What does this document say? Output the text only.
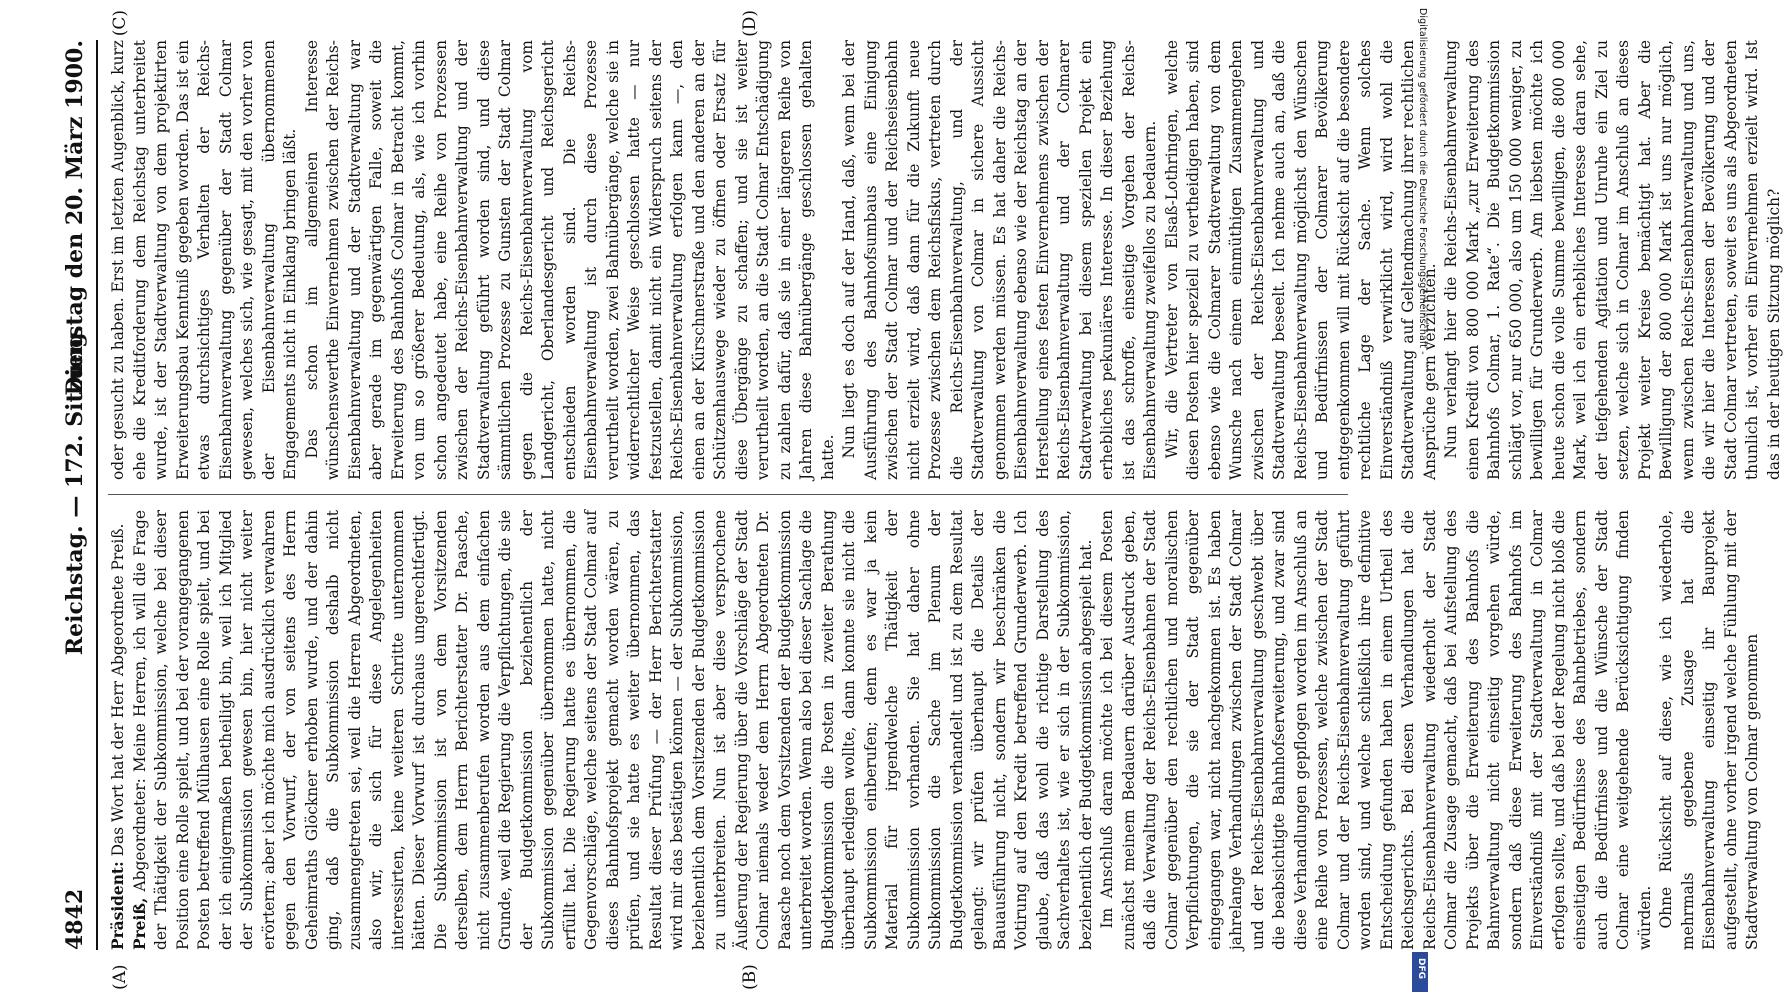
4842
Reichstag. — 172. Sitzung.
Dienstag den 20. März 1900.

Präsident: Das Wort hat der Herr Abgeordnete Preiß.

Preiß, Abgeordneter: Meine Herren, ich will die Frage der Thätigkeit der Subkommission, welche bei dieser Position eine Rolle spielt, und bei der vorangegangenen Posten betreffend Mülhausen eine Rolle spielt, und bei der ich einigermaßen betheiligt bin, weil ich Mitglied der Subkommission gewesen bin, hier nicht weiter erörtern; aber ich möchte mich ausdrücklich verwahren gegen den Vorwurf, der von seitens des Herrn Geheimraths Glöckner erhoben wurde, und der dahin ging, daß die Subkommission deshalb nicht zusammengetreten sei, weil die Herren Abgeordneten, also wir, die sich für diese Angelegenheiten interessirten, keine weiteren Schritte unternommen hätten. Dieser Vorwurf ist durchaus ungerechtfertigt. Die Subkommission ist von dem Vorsitzenden derselben, dem Herrn Berichterstatter Dr. Paasche, nicht zusammenberufen worden aus dem einfachen Grunde, weil die Regierung die Verpflichtungen, die sie der Budgetkommission beziehentlich der Subkommission gegenüber übernommen hatte, nicht erfüllt hat. Die Regierung hatte es übernommen, die Gegenvorschläge, welche seitens der Stadt Colmar auf dieses Bahnhofsprojekt gemacht worden wären, zu prüfen, und sie hatte es weiter übernommen, das Resultat dieser Prüfung — der Herr Berichterstatter wird mir das bestätigen können — der Subkommission, beziehentlich dem Vorsitzenden der Budgetkommission zu unterbreiten. Nun ist aber diese versprochene Äußerung der Regierung über die Vorschläge der Stadt Colmar niemals weder dem Herrn Abgeordneten Dr. Paasche noch dem Vorsitzenden der Budgetkommission unterbreitet worden. Wenn also bei dieser Sachlage die Budgetkommission die Posten in zweiter Berathung überhaupt erledigen wollte, dann konnte sie nicht die Subkommission einberufen; denn es war ja kein Material für irgendwelche Thätigkeit der Subkommission vorhanden. Sie hat daher ohne Subkommission die Sache im Plenum der Budgetkommission verhandelt und ist zu dem Resultat gelangt: wir prüfen überhaupt die Details der Bauausführung nicht, sondern wir beschränken die Votirung auf den Kredit betreffend Grunderwerb. Ich glaube, daß das wohl die richtige Darstellung des Sachverhaltes ist, wie er sich in der Subkommission, beziehentlich der Budgetkommission abgespielt hat. Im Anschluß daran möchte ich bei diesem Posten zunächst meinem Bedauern darüber Ausdruck geben, daß die Verwaltung der Reichs-Eisenbahnen der Stadt Colmar gegenüber den rechtlichen und moralischen Verpflichtungen, die sie der Stadt gegenüber eingegangen war, nicht nachgekommen ist. Es haben jahrelange Verhandlungen zwischen der Stadt Colmar und der Reichs-Eisenbahnverwaltung geschwebt über die beabsichtigte Bahnhofserweiterung, und zwar sind diese Verhandlungen gepflogen worden im Anschluß an eine Reihe von Prozessen, welche zwischen der Stadt Colmar und der Reichs-Eisenbahnverwaltung geführt worden sind, und welche schließlich ihre definitive Entscheidung gefunden haben in einem Urtheil des Reichsgerichts. Bei diesen Verhandlungen hat die Reichs-Eisenbahnverwaltung wiederholt der Stadt Colmar die Zusage gemacht, daß bei Aufstellung des Projekts über die Erweiterung des Bahnhofs die Bahnverwaltung nicht einseitig vorgehen würde, sondern daß diese Erweiterung des Bahnhofs im Einverständniß mit der Stadtverwaltung in Colmar erfolgen sollte, und daß bei der Regelung nicht bloß die einseitigen Bedürfnisse des Bahnbetriebes, sondern auch die Bedürfnisse und die Wünsche der Stadt Colmar eine weitgehende Berücksichtigung finden würden. Ohne Rücksicht auf diese, wie ich wiederhole, mehrmals gegebene Zusage hat die Eisenbahnverwaltung einseitig ihr Bauprojekt aufgestellt, ohne vorher irgend welche Fühlung mit der Stadtverwaltung von Colmar genommen

oder gesucht zu haben. Erst im letzten Augenblick, kurz ehe die Kreditforderung dem Reichstag unterbreitet wurde, ist der Stadtverwaltung von dem projektirten Erweiterungsbau Kenntniß gegeben worden. Das ist ein etwas durchsichtiges Verhalten der Reichs-Eisenbahnverwaltung gegenüber der Stadt Colmar gewesen, welches sich, wie gesagt, mit den vorher von der Eisenbahnverwaltung übernommenen Engagements nicht in Einklang bringen läßt. Das schon im allgemeinen Interesse wünschenswerthe Einvernehmen zwischen der Reichs-Eisenbahnverwaltung und der Stadtverwaltung war aber gerade im gegenwärtigen Falle, soweit die Erweiterung des Bahnhofs Colmar in Betracht kommt, von um so größerer Bedeutung, als, wie ich vorhin schon angedeutet habe, eine Reihe von Prozessen zwischen der Reichs-Eisenbahnverwaltung und der Stadtverwaltung geführt worden sind, und diese sämmtlichen Prozesse zu Gunsten der Stadt Colmar gegen die Reichs-Eisenbahnverwaltung vom Landgericht, Oberlandesgericht und Reichsgericht entschieden worden sind. Die Reichs-Eisenbahnverwaltung ist durch diese Prozesse verurtheilt worden, zwei Bahnübergänge, welche sie in widerrechtlicher Weise geschlossen hatte — nur festzustellen, damit nicht ein Widerspruch seitens der Reichs-Eisenbahnverwaltung erfolgen kann —, den einen an der Kürschnerstraße und den anderen an der Schützenhauswege wieder zu öffnen oder Ersatz für diese Übergänge zu schaffen; und sie ist weiter verurtheilt worden, an die Stadt Colmar Entschädigung zu zahlen dafür, daß sie in einer längeren Reihe von Jahren diese Bahnübergänge geschlossen gehalten hatte. Nun liegt es doch auf der Hand, daß, wenn bei der Ausführung des Bahnhofsumbaus eine Einigung zwischen der Stadt Colmar und der Reichseisenbahn nicht erzielt wird, daß dann für die Zukunft neue Prozesse zwischen dem Reichsfiskus, vertreten durch die Reichs-Eisenbahnverwaltung, und der Stadtverwaltung von Colmar in sichere Aussicht genommen werden müssen. Es hat daher die Reichs-Eisenbahnverwaltung ebenso wie der Reichstag an der Herstellung eines festen Einvernehmens zwischen der Reichs-Eisenbahnverwaltung und der Colmarer Stadtverwaltung bei diesem speziellen Projekt ein erhebliches pekuniäres Interesse. In dieser Beziehung ist das schroffe, einseitige Vorgehen der Reichs-Eisenbahnverwaltung zweifellos zu bedauern. Wir, die Vertreter von Elsaß-Lothringen, welche diesen Posten hier speziell zu vertheidigen haben, sind ebenso wie die Colmarer Stadtverwaltung von dem Wunsche nach einem einmüthigen Zusammengehen zwischen der Reichs-Eisenbahnverwaltung und Stadtverwaltung beseelt. Ich nehme auch an, daß die Reichs-Eisenbahnverwaltung möglichst den Wünschen und Bedürfnissen der Colmarer Bevölkerung entgegenkommen will mit Rücksicht auf die besondere rechtliche Lage der Sache. Wenn solches Einverständniß verwirklicht wird, wird wohl die Stadtverwaltung auf Geltendmachung ihrer rechtlichen Ansprüche gern verzichten. Nun verlangt hier die Reichs-Eisenbahnverwaltung einen Kredit von 800 000 Mark „zur Erweiterung des Bahnhofs Colmar, 1. Rate“. Die Budgetkommission schlägt vor, nur 650 000, also um 150 000 weniger, zu bewilligen für Grunderwerb. Am liebsten möchte ich heute schon die volle Summe bewilligen, die 800 000 Mark, weil ich ein erhebliches Interesse daran sehe, der tiefgehenden Agitation und Unruhe ein Ziel zu setzen, welche sich in Colmar im Anschluß an dieses Projekt weiter Kreise bemächtigt hat. Aber die Bewilligung der 800 000 Mark ist uns nur möglich, wenn zwischen Reichs-Eisenbahnverwaltung und uns, die wir hier die Interessen der Bevölkerung und der Stadt Colmar vertreten, soweit es uns als Abgeordneten thunlich ist, vorher ein Einvernehmen erzielt wird. Ist das in der heutigen Sitzung möglich?

(A)	(B)
(C)	(D)	Digitalisierung gefördert durch die Deutsche Forschungsgemeinschaft -
DFG
